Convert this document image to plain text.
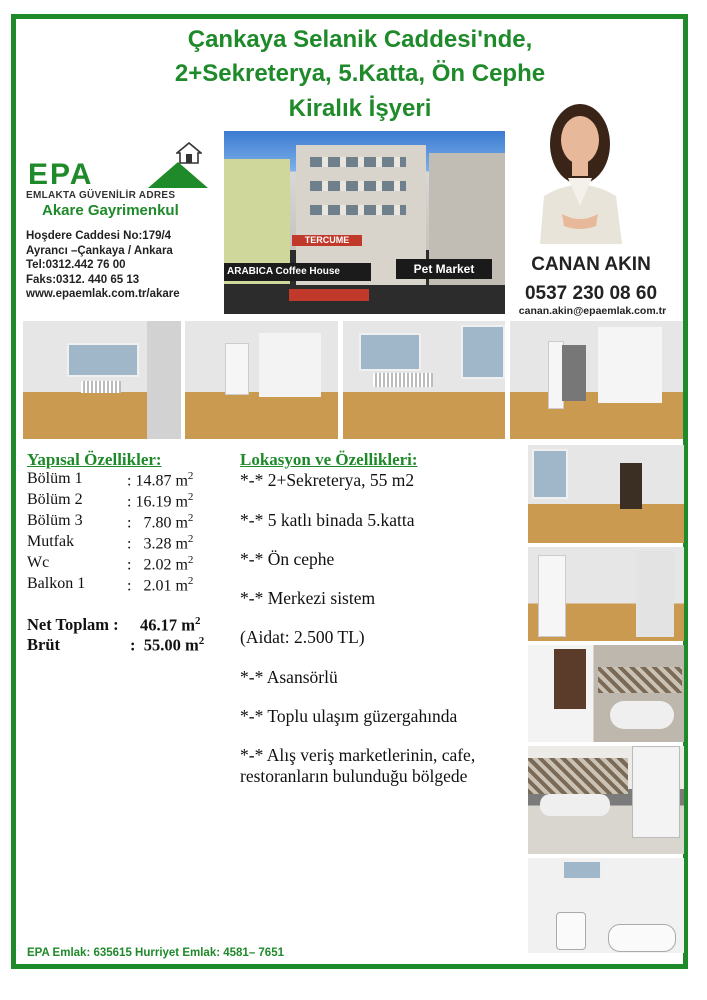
Çankaya Selanik Caddesi'nde,
2+Sekreterya, 5.Katta, Ön Cephe
Kiralık İşyeri
EPA
EMLAKTA GÜVENİLİR ADRES
Akare Gayrimenkul
Hoşdere Caddesi No:179/4
Ayrancı –Çankaya / Ankara
Tel:0312.442 76 00
Faks:0312. 440 65 13
www.epaemlak.com.tr/akare
TERCUME
ARABICA Coffee House	Pet Market	CANAN AKIN
0537 230 08 60
canan.akin@epaemlak.com.tr
Yapısal Özellikler:
Bölüm 1	: 14.87 $m^2$
Bölüm 2	: 16.19 $m^2$
Bölüm 3	:   7.80 $m^2$
Mutfak	:   3.28 $m^2$
Wc	:   2.02 $m^2$
Balkon 1	:   2.01 $m^2$
Net Toplam : 46.17 $m^2$
Brüt	:  55.00 $m^2$
Lokasyon ve Özellikleri:
*-* 2+Sekreterya, 55 m2
*-* 5 katlı binada 5.katta
*-* Ön cephe
*-* Merkezi sistem
(Aidat: 2.500 TL)
*-* Asansörlü
*-* Toplu ulaşım güzergahında
*-* Alış veriş marketlerinin, cafe, restoranların bulunduğu bölgede
EPA Emlak: 635615 Hurriyet Emlak: 4581– 7651
